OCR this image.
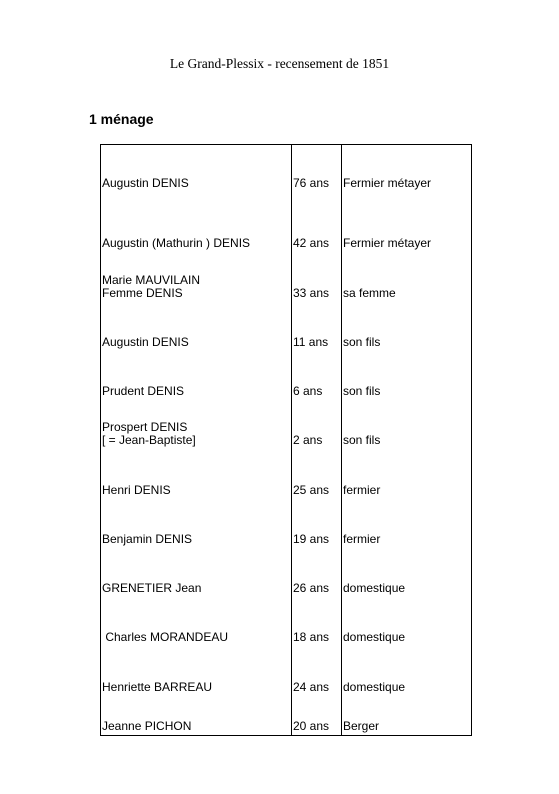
Le Grand-Plessix - recensement de 1851
1 ménage
Augustin DENIS	76 ans Fermier métayer
Augustin (Mathurin ) DENIS	42 ans Fermier métayer
Marie MAUVILAIN
Femme DENIS	33 ans sa femme
Augustin DENIS	11 ans son fils
Prudent DENIS	6 ans son fils
Prospert DENIS
[ = Jean-Baptiste]	2 ans son fils
Henri DENIS	25 ans fermier
Benjamin DENIS	19 ans fermier
GRENETIER Jean	26 ans domestique
Charles MORANDEAU	18 ans domestique
Henriette BARREAU	24 ans domestique
Jeanne PICHON	20 ans Berger
